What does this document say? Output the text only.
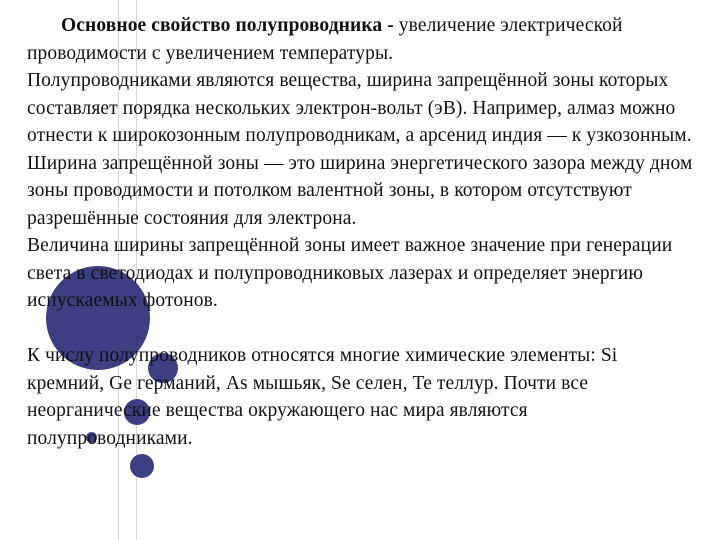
Основное свойство полупроводника - увеличение электрической проводимости с увеличением температуры.

Полупроводниками являются вещества, ширина запрещённой зоны которых составляет порядка нескольких электрон-вольт (эВ). Например, алмаз можно отнести к широкозонным полупроводникам, а арсенид индия — к узкозонным. Ширина запрещённой зоны — это ширина энергетического зазора между дном зоны проводимости и потолком валентной зоны, в котором отсутствуют разрешённые состояния для электрона.

Величина ширины запрещённой зоны имеет важное значение при генерации света в светодиодах и полупроводниковых лазерах и определяет энергию испускаемых фотонов.

К числу полупроводников относятся многие химические элементы: Si кремний, Ge германий, As мышьяк, Se селен, Te теллур. Почти все неорганические вещества окружающего нас мира являются полупроводниками.
